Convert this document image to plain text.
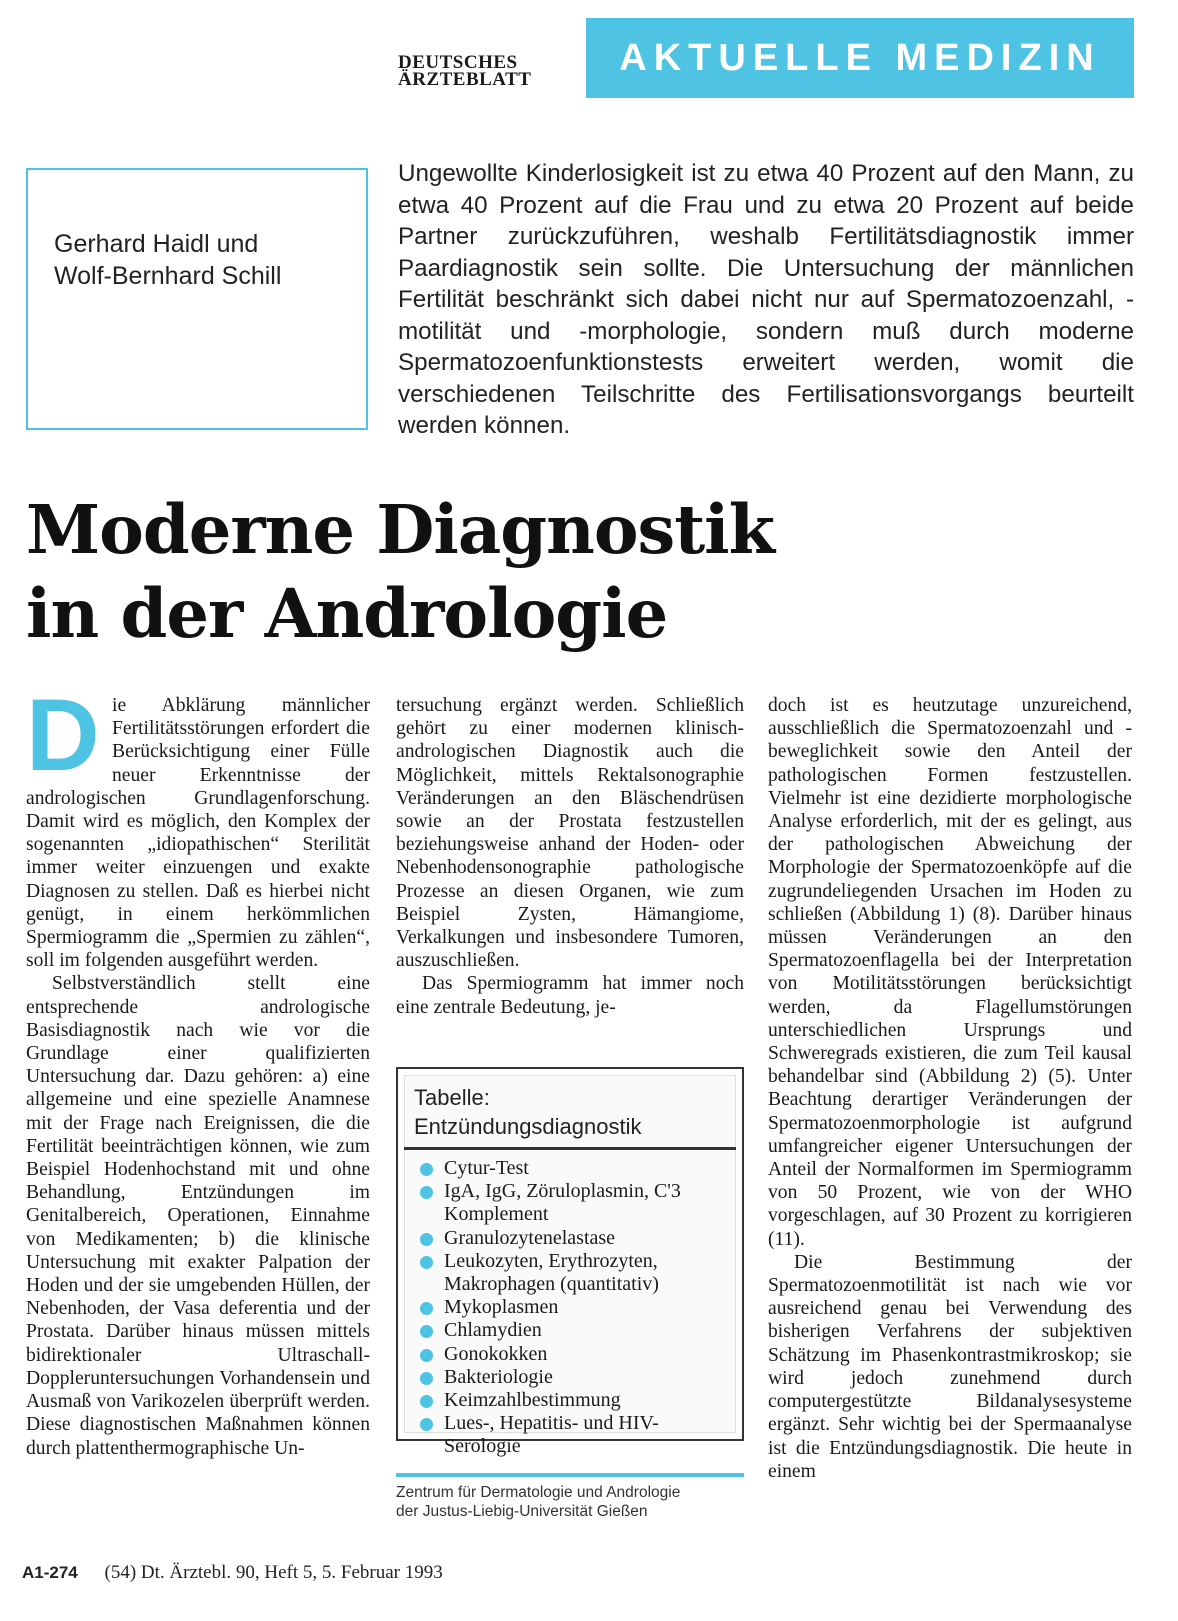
DEUTSCHES
ÄRZTEBLATT
AKTUELLE MEDIZIN
Gerhard Haidl und
Wolf-Bernhard Schill
Ungewollte Kinderlosigkeit ist zu etwa 40 Prozent auf den Mann, zu etwa 40 Prozent auf die Frau und zu etwa 20 Prozent auf beide Partner zurückzuführen, weshalb Fertilitätsdiagnostik immer Paardiagnostik sein sollte. Die Untersuchung der männlichen Fertilität beschränkt sich dabei nicht nur auf Spermatozoenzahl, -motilität und -morphologie, sondern muß durch moderne Spermatozoenfunktionstests erweitert werden, womit die verschiedenen Teilschritte des Fertilisationsvorgangs beurteilt werden können.
Moderne Diagnostik
in der Andrologie
D ie Abklärung männlicher Fertilitätsstörungen erfordert die Berücksichtigung einer Fülle neuer Erkenntnisse der andrologischen Grundlagenforschung. Damit wird es möglich, den Komplex der sogenannten „idiopathischen“ Sterilität immer weiter einzuengen und exakte Diagnosen zu stellen. Daß es hierbei nicht genügt, in einem herkömmlichen Spermiogramm die „Spermien zu zählen“, soll im folgenden ausgeführt werden.

Selbstverständlich stellt eine entsprechende andrologische Basisdiagnostik nach wie vor die Grundlage einer qualifizierten Untersuchung dar. Dazu gehören: a) eine allgemeine und eine spezielle Anamnese mit der Frage nach Ereignissen, die die Fertilität beeinträchtigen können, wie zum Beispiel Hodenhochstand mit und ohne Behandlung, Entzündungen im Genitalbereich, Operationen, Einnahme von Medikamenten; b) die klinische Untersuchung mit exakter Palpation der Hoden und der sie umgebenden Hüllen, der Nebenhoden, der Vasa deferentia und der Prostata. Darüber hinaus müssen mittels bidirektionaler Ultraschall-Doppleruntersuchungen Vorhandensein und Ausmaß von Varikozelen überprüft werden. Diese diagnostischen Maßnahmen können durch plattenthermographische Un-

tersuchung ergänzt werden. Schließlich gehört zu einer modernen klinisch-andrologischen Diagnostik auch die Möglichkeit, mittels Rektalsonographie Veränderungen an den Bläschendrüsen sowie an der Prostata festzustellen beziehungsweise anhand der Hoden- oder Nebenhodensonographie pathologische Prozesse an diesen Organen, wie zum Beispiel Zysten, Hämangiome, Verkalkungen und insbesondere Tumoren, auszuschließen.

Das Spermiogramm hat immer noch eine zentrale Bedeutung, je-

Tabelle:
Entzündungsdiagnostik
Cytur-Test
IgA, IgG, Zöruloplasmin, C'3 Komplement
Granulozytenelastase
Leukozyten, Erythrozyten, Makrophagen (quantitativ)
Mykoplasmen
Chlamydien
Gonokokken
Bakteriologie
Keimzahlbestimmung
Lues-, Hepatitis- und HIV-Serologie
Zentrum für Dermatologie und Andrologie
der Justus-Liebig-Universität Gießen

doch ist es heutzutage unzureichend, ausschließlich die Spermatozoenzahl und -beweglichkeit sowie den Anteil der pathologischen Formen festzustellen. Vielmehr ist eine dezidierte morphologische Analyse erforderlich, mit der es gelingt, aus der pathologischen Abweichung der Morphologie der Spermatozoenköpfe auf die zugrundeliegenden Ursachen im Hoden zu schließen (Abbildung 1) (8). Darüber hinaus müssen Veränderungen an den Spermatozoenflagella bei der Interpretation von Motilitätsstörungen berücksichtigt werden, da Flagellumstörungen unterschiedlichen Ursprungs und Schweregrads existieren, die zum Teil kausal behandelbar sind (Abbildung 2) (5). Unter Beachtung derartiger Veränderungen der Spermatozoenmorphologie ist aufgrund umfangreicher eigener Untersuchungen der Anteil der Normalformen im Spermiogramm von 50 Prozent, wie von der WHO vorgeschlagen, auf 30 Prozent zu korrigieren (11).

Die Bestimmung der Spermatozoenmotilität ist nach wie vor ausreichend genau bei Verwendung des bisherigen Verfahrens der subjektiven Schätzung im Phasenkontrastmikroskop; sie wird jedoch zunehmend durch computergestützte Bildanalysesysteme ergänzt. Sehr wichtig bei der Spermaanalyse ist die Entzündungsdiagnostik. Die heute in einem

A1-274 (54) Dt. Ärztebl. 90, Heft 5, 5. Februar 1993
